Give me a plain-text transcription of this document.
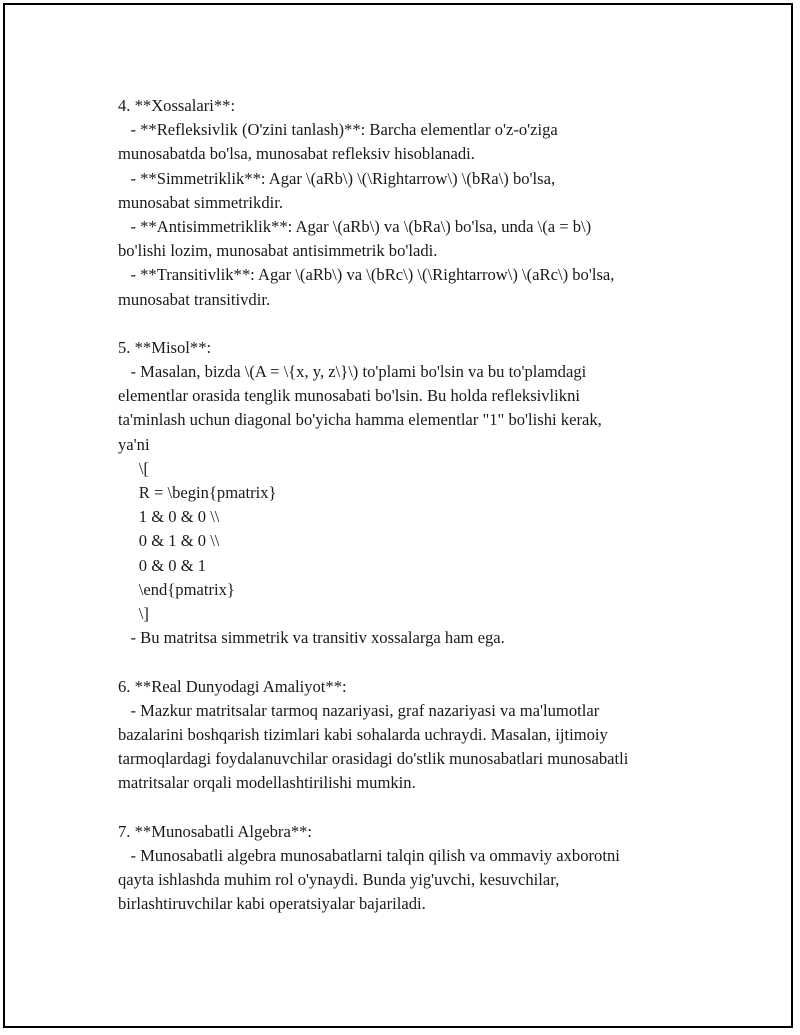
4. **Xossalari**:
- **Refleksivlik (O'zini tanlash)**: Barcha elementlar o'z-o'ziga
munosabatda bo'lsa, munosabat refleksiv hisoblanadi.
- **Simmetriklik**: Agar \(aRb\) \(\Rightarrow\) \(bRa\) bo'lsa,
munosabat simmetrikdir.
- **Antisimmetriklik**: Agar \(aRb\) va \(bRa\) bo'lsa, unda \(a = b\)
bo'lishi lozim, munosabat antisimmetrik bo'ladi.
- **Transitivlik**: Agar \(aRb\) va \(bRc\) \(\Rightarrow\) \(aRc\) bo'lsa,
munosabat transitivdir.
5. **Misol**:
- Masalan, bizda \(A = \{x, y, z\}\) to'plami bo'lsin va bu to'plamdagi
elementlar orasida tenglik munosabati bo'lsin. Bu holda refleksivlikni
ta'minlash uchun diagonal bo'yicha hamma elementlar "1" bo'lishi kerak,
ya'ni
\[
R = \begin{pmatrix}
1 & 0 & 0 \\
0 & 1 & 0 \\
0 & 0 & 1
\end{pmatrix}
\]
- Bu matritsa simmetrik va transitiv xossalarga ham ega.
6. **Real Dunyodagi Amaliyot**:
- Mazkur matritsalar tarmoq nazariyasi, graf nazariyasi va ma'lumotlar
bazalarini boshqarish tizimlari kabi sohalarda uchraydi. Masalan, ijtimoiy
tarmoqlardagi foydalanuvchilar orasidagi do'stlik munosabatlari munosabatli
matritsalar orqali modellashtirilishi mumkin.
7. **Munosabatli Algebra**:
- Munosabatli algebra munosabatlarni talqin qilish va ommaviy axborotni
qayta ishlashda muhim rol o'ynaydi. Bunda yig'uvchi, kesuvchilar,
birlashtiruvchilar kabi operatsiyalar bajariladi.
